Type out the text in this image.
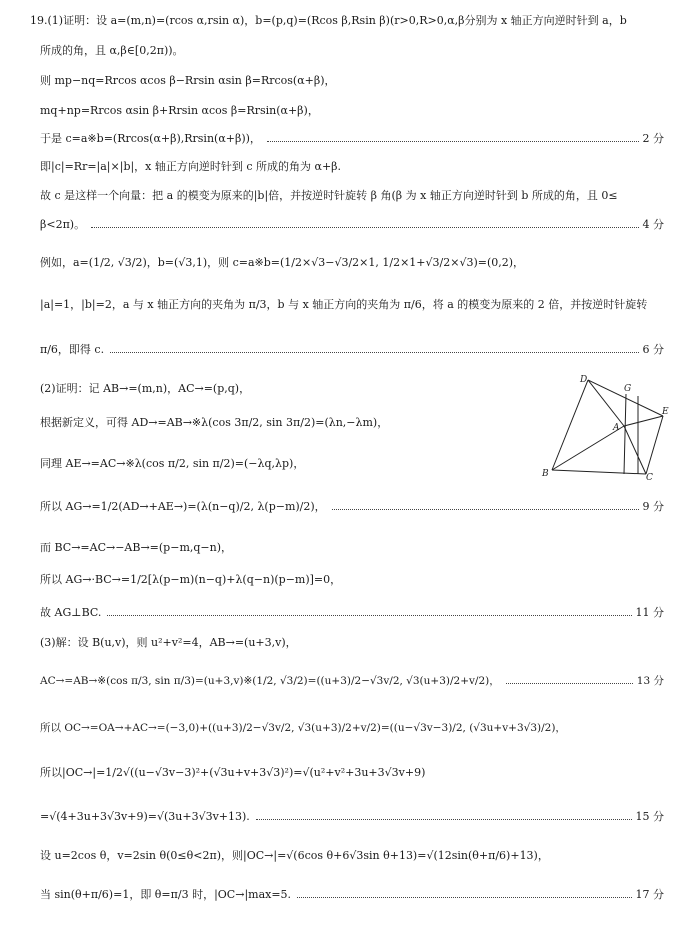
19.(1)证明：设 a=(m,n)=(rcos α,rsin α)，b=(p,q)=(Rcos β,Rsin β)(r>0,R>0,α,β分别为 x 轴正方向逆时针到 a，b
所成的角，且 α,β∈[0,2π))。
则 mp−nq=Rrcos αcos β−Rrsin αsin β=Rrcos(α+β)，
mq+np=Rrcos αsin β+Rrsin αcos β=Rrsin(α+β)，
于是 c=a※b=(Rrcos(α+β),Rrsin(α+β))，	2 分
即|c|=Rr=|a|×|b|，x 轴正方向逆时针到 c 所成的角为 α+β.
故 c 是这样一个向量：把 a 的模变为原来的|b|倍，并按逆时针旋转 β 角(β 为 x 轴正方向逆时针到 b 所成的角，且 0≤
β<2π)。	4 分
例如，a=(1/2, √3/2)，b=(√3,1)，则 c=a※b=(1/2×√3−√3/2×1, 1/2×1+√3/2×√3)=(0,2)，
|a|=1，|b|=2，a 与 x 轴正方向的夹角为 π/3，b 与 x 轴正方向的夹角为 π/6，将 a 的模变为原来的 2 倍，并按逆时针旋转
π/6，即得 c.	6 分
(2)证明：记 AB→=(m,n)，AC→=(p,q)，
根据新定义，可得 AD→=AB→※λ(cos 3π/2, sin 3π/2)=(λn,−λm)，
同理 AE→=AC→※λ(cos π/2, sin π/2)=(−λq,λp)，
所以 AG→=1/2(AD→+AE→)=(λ(n−q)/2, λ(p−m)/2)，	9 分
而 BC→=AC→−AB→=(p−m,q−n)，
所以 AG→·BC→=1/2[λ(p−m)(n−q)+λ(q−n)(p−m)]=0，
故 AG⊥BC.	11 分
(3)解：设 B(u,v)，则 u²+v²=4，AB→=(u+3,v)，
AC→=AB→※(cos π/3, sin π/3)=(u+3,v)※(1/2, √3/2)=((u+3)/2−√3v/2, √3(u+3)/2+v/2)，	13 分
所以 OC→=OA→+AC→=(−3,0)+((u+3)/2−√3v/2, √3(u+3)/2+v/2)=((u−√3v−3)/2, (√3u+v+3√3)/2)，
所以|OC→|=1/2√((u−√3v−3)²+(√3u+v+3√3)²)=√(u²+v²+3u+3√3v+9)
=√(4+3u+3√3v+9)=√(3u+3√3v+13).	15 分
设 u=2cos θ，v=2sin θ(0≤θ<2π)，则|OC→|=√(6cos θ+6√3sin θ+13)=√(12sin(θ+π/6)+13)，
当 sin(θ+π/6)=1，即 θ=π/3 时，|OC→|max=5.	17 分
D
G
E
A
B	C
